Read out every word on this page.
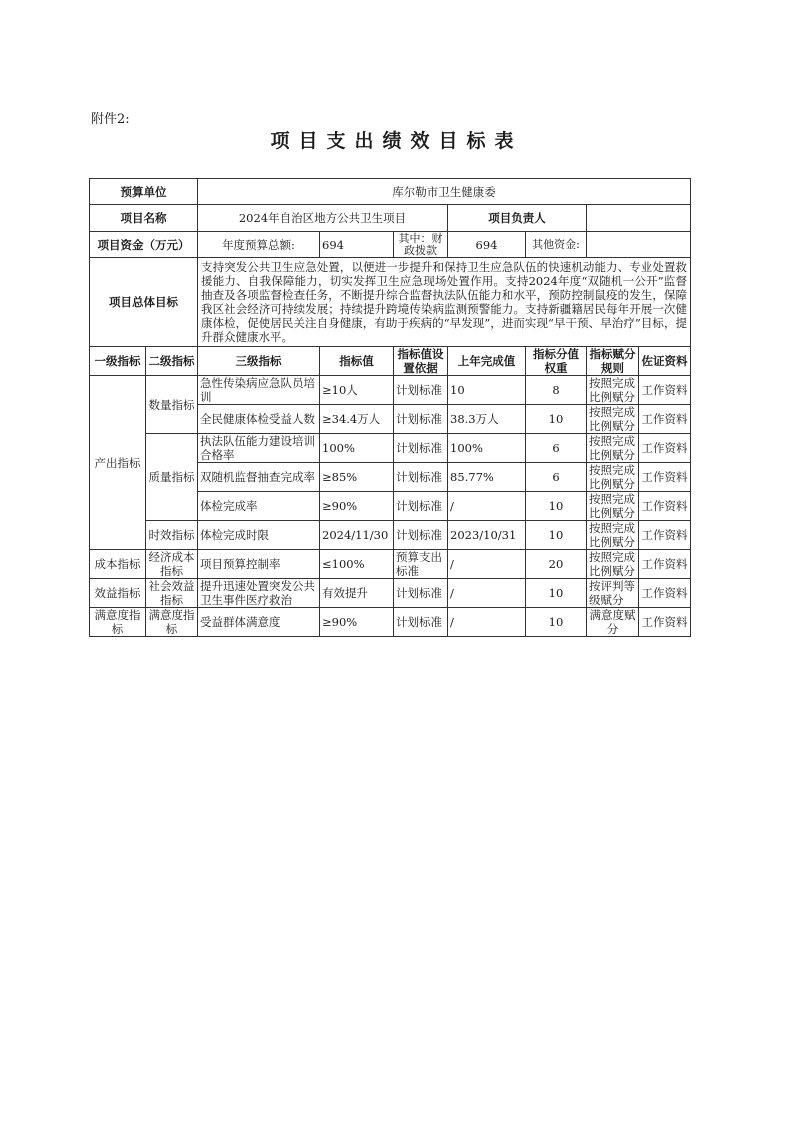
附件2:
项目支出绩效目标表
预算单位		库尔勒市卫生健康委						
项目名称		2024年自治区地方公共卫生项目			项目负责人			
项目资金（万元）		年度预算总额:	694	其中：财政拨款	694	其他资金:		
项目总体目标		支持突发公共卫生应急处置，以便进一步提升和保持卫生应急队伍的快速机动能力、专业处置救援能力、自我保障能力，切实发挥卫生应急现场处置作用。支持2024年度“双随机一公开”监督抽查及各项监督检查任务，不断提升综合监督执法队伍能力和水平，预防控制鼠疫的发生，保障我区社会经济可持续发展；持续提升跨境传染病监测预警能力。支持新疆籍居民每年开展一次健康体检，促使居民关注自身健康，有助于疾病的“早发现”，进而实现“早干预、早治疗”目标，提升群众健康水平。						
一级指标	二级指标	三级指标	指标值	指标值设置依据	上年完成值	指标分值权重	指标赋分规则	佐证资料
产出指标	数量指标	急性传染病应急队员培训	≥10人	计划标准	10	8	按照完成比例赋分	工作资料
		全民健康体检受益人数	≥34.4万人	计划标准	38.3万人	10	按照完成比例赋分	工作资料
	质量指标	执法队伍能力建设培训合格率	100%	计划标准	100%	6	按照完成比例赋分	工作资料
		双随机监督抽查完成率	≥85%	计划标准	85.77%	6	按照完成比例赋分	工作资料
		体检完成率	≥90%	计划标准	/	10	按照完成比例赋分	工作资料
	时效指标	体检完成时限	2024/11/30	计划标准	2023/10/31	10	按照完成比例赋分	工作资料
成本指标	经济成本指标	项目预算控制率	≤100%	预算支出标准	/	20	按照完成比例赋分	工作资料
效益指标	社会效益指标	提升迅速处置突发公共卫生事件医疗救治	有效提升	计划标准	/	10	按评判等级赋分	工作资料
满意度指标	满意度指标	受益群体满意度	≥90%	计划标准	/	10	满意度赋分	工作资料
